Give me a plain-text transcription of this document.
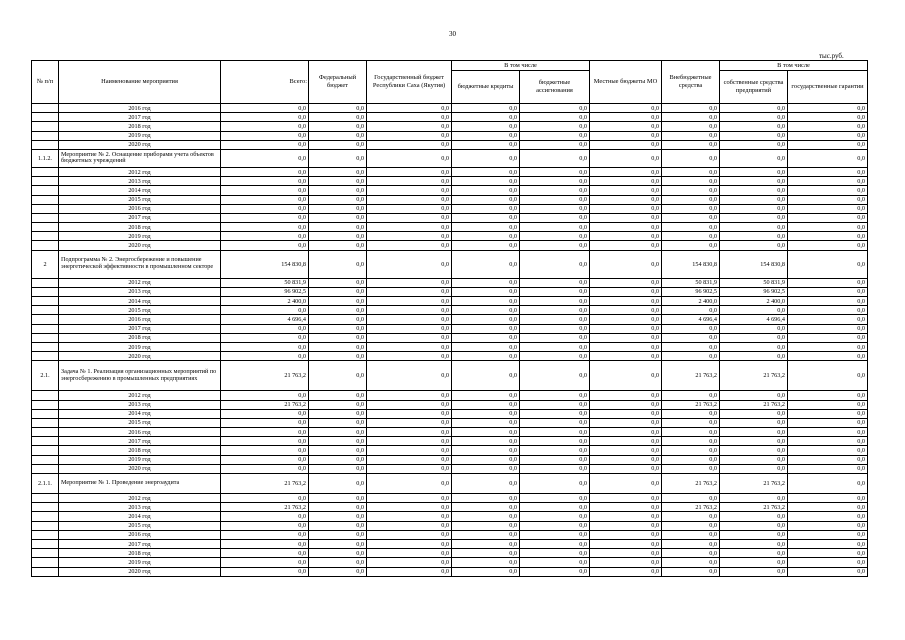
30
тыс.руб.
№ п/п	Наименование мероприятия	Всего:	Федеральный бюджет	Государственный бюджет Республики Саха (Якутия)	В том числе		Местные бюджеты МО	Внебюджетные средства	В том числе	
					бюджетные кредиты	бюджетные ассигнования			собственные средства предприятий	государственные гарантии
	2016 год	0,0	0,0	0,0	0,0	0,0	0,0	0,0	0,0	0,0
	2017 год	0,0	0,0	0,0	0,0	0,0	0,0	0,0	0,0	0,0
	2018 год	0,0	0,0	0,0	0,0	0,0	0,0	0,0	0,0	0,0
	2019 год	0,0	0,0	0,0	0,0	0,0	0,0	0,0	0,0	0,0
	2020 год	0,0	0,0	0,0	0,0	0,0	0,0	0,0	0,0	0,0
1.1.2.	Мероприятие № 2. Оснащение приборами учета объектов бюджетных учреждений	0,0	0,0	0,0	0,0	0,0	0,0	0,0	0,0	0,0
	2012 год	0,0	0,0	0,0	0,0	0,0	0,0	0,0	0,0	0,0
	2013 год	0,0	0,0	0,0	0,0	0,0	0,0	0,0	0,0	0,0
	2014 год	0,0	0,0	0,0	0,0	0,0	0,0	0,0	0,0	0,0
	2015 год	0,0	0,0	0,0	0,0	0,0	0,0	0,0	0,0	0,0
	2016 год	0,0	0,0	0,0	0,0	0,0	0,0	0,0	0,0	0,0
	2017 год	0,0	0,0	0,0	0,0	0,0	0,0	0,0	0,0	0,0
	2018 год	0,0	0,0	0,0	0,0	0,0	0,0	0,0	0,0	0,0
	2019 год	0,0	0,0	0,0	0,0	0,0	0,0	0,0	0,0	0,0
	2020 год	0,0	0,0	0,0	0,0	0,0	0,0	0,0	0,0	0,0
2	Подпрограмма № 2. Энергосбережение и повышение энергетической эффективности в промышленном секторе	154 830,8	0,0	0,0	0,0	0,0	0,0	154 830,8	154 830,8	0,0
	2012 год	50 831,9	0,0	0,0	0,0	0,0	0,0	50 831,9	50 831,9	0,0
	2013 год	96 902,5	0,0	0,0	0,0	0,0	0,0	96 902,5	96 902,5	0,0
	2014 год	2 400,0	0,0	0,0	0,0	0,0	0,0	2 400,0	2 400,0	0,0
	2015 год	0,0	0,0	0,0	0,0	0,0	0,0	0,0	0,0	0,0
	2016 год	4 696,4	0,0	0,0	0,0	0,0	0,0	4 696,4	4 696,4	0,0
	2017 год	0,0	0,0	0,0	0,0	0,0	0,0	0,0	0,0	0,0
	2018 год	0,0	0,0	0,0	0,0	0,0	0,0	0,0	0,0	0,0
	2019 год	0,0	0,0	0,0	0,0	0,0	0,0	0,0	0,0	0,0
	2020 год	0,0	0,0	0,0	0,0	0,0	0,0	0,0	0,0	0,0
2.1.	Задача № 1. Реализация организационных мероприятий по энергосбережению в промышленных предприятиях	21 763,2	0,0	0,0	0,0	0,0	0,0	21 763,2	21 763,2	0,0
	2012 год	0,0	0,0	0,0	0,0	0,0	0,0	0,0	0,0	0,0
	2013 год	21 763,2	0,0	0,0	0,0	0,0	0,0	21 763,2	21 763,2	0,0
	2014 год	0,0	0,0	0,0	0,0	0,0	0,0	0,0	0,0	0,0
	2015 год	0,0	0,0	0,0	0,0	0,0	0,0	0,0	0,0	0,0
	2016 год	0,0	0,0	0,0	0,0	0,0	0,0	0,0	0,0	0,0
	2017 год	0,0	0,0	0,0	0,0	0,0	0,0	0,0	0,0	0,0
	2018 год	0,0	0,0	0,0	0,0	0,0	0,0	0,0	0,0	0,0
	2019 год	0,0	0,0	0,0	0,0	0,0	0,0	0,0	0,0	0,0
	2020 год	0,0	0,0	0,0	0,0	0,0	0,0	0,0	0,0	0,0
2.1.1.	Мероприятие № 1. Проведение энергоаудита	21 763,2	0,0	0,0	0,0	0,0	0,0	21 763,2	21 763,2	0,0
	2012 год	0,0	0,0	0,0	0,0	0,0	0,0	0,0	0,0	0,0
	2013 год	21 763,2	0,0	0,0	0,0	0,0	0,0	21 763,2	21 763,2	0,0
	2014 год	0,0	0,0	0,0	0,0	0,0	0,0	0,0	0,0	0,0
	2015 год	0,0	0,0	0,0	0,0	0,0	0,0	0,0	0,0	0,0
	2016 год	0,0	0,0	0,0	0,0	0,0	0,0	0,0	0,0	0,0
	2017 год	0,0	0,0	0,0	0,0	0,0	0,0	0,0	0,0	0,0
	2018 год	0,0	0,0	0,0	0,0	0,0	0,0	0,0	0,0	0,0
	2019 год	0,0	0,0	0,0	0,0	0,0	0,0	0,0	0,0	0,0
	2020 год	0,0	0,0	0,0	0,0	0,0	0,0	0,0	0,0	0,0
